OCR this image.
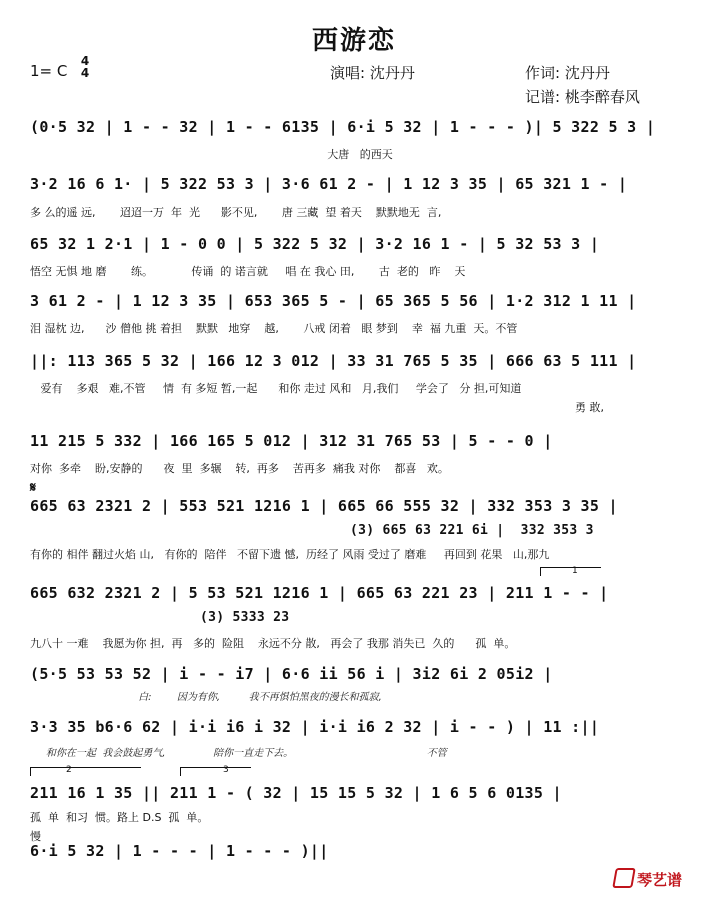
西游恋
1= C
4
4	演唱: 沈丹丹	作词: 沈丹丹
记谱: 桃李醉春风
(0·5 32 | 1 - - 32 | 1 - - 6135 | 6·i 5 32 | 1 - - - )| 5 322 5 3 |
大唐   的西天
3·2 16 6 1· | 5 322 53 3 | 3·6 61 2 - | 1 12 3 35 | 65 321 1 - |
多 么的遥 远,       迢迢一万  年  光      影不见,       唐 三藏  望 着天    默默地无  言,
65 32 1 2·1 | 1 - 0 0 | 5 322 5 32 | 3·2 16 1 - | 5 32 53 3 |
悟空 无惧 地 磨       练。           传诵  的 诺言就     唱 在 我心 田,       古  老的   昨    天
3 61 2 - | 1 12 3 35 | 653 365 5 - | 65 365 5 56 | 1·2 312 1 11 |
泪 湿枕 边,      沙 僧他 挑 着担    默默   地穿    越,       八戒 闭着   眼 梦到    幸  福 九重  天。不管
||: 113 365 5 32 | 166 12 3 012 | 33 31 765 5 35 | 666 63 5 111 |
爱有    多艰   难,不管     情  有 多短 暂,一起      和你 走过 风和   月,我们     学会了   分 担,可知道
勇 敢,
11 215 5 332 | 166 165 5 012 | 312 31 765 53 | 5 - - 0 |
对你  多牵    盼,安静的      夜  里  多辗    转,  再多    苦再多  痛我 对你    都喜   欢。
𝄋
665 63 2321 2 | 553 521 1216 1 | 665 66 555 32 | 332 353 3 35 |
(3) 665 63 221 6i |  332 353 3
有你的 相伴 翻过火焰 山,   有你的  陪伴   不留下遗 憾,  历经了 风雨 受过了 磨难     再回到 花果   山,那九
1
665 632 2321 2 | 5 53 521 1216 1 | 665 63 221 23 | 211 1 - - |
(3) 5333 23
九八十 一难    我愿为你 担,  再   多的  险阻    永远不分 散,   再会了 我那 消失已  久的      孤  单。
(5·5 53 53 52 | i - - i7 | 6·6 ii 56 i | 3i2 6i 2 05i2 |
白:        因为有你,         我不再惧怕黑夜的漫长和孤寂,
3·3 35 b6·6 62 | i·i i6 i 32 | i·i i6 2 32 | i - - ) | 11 :||
和你在一起  我会鼓起勇气,               陪你一直走下去。                                          不管
2	3
211 16 1 35 || 211 1 - ( 32 | 15 15 5 32 | 1 6 5 6 0135 |
孤  单  和习  惯。路上 D.S  孤  单。
慢
6·i 5 32 | 1 - - - | 1 - - - )||
琴艺谱
